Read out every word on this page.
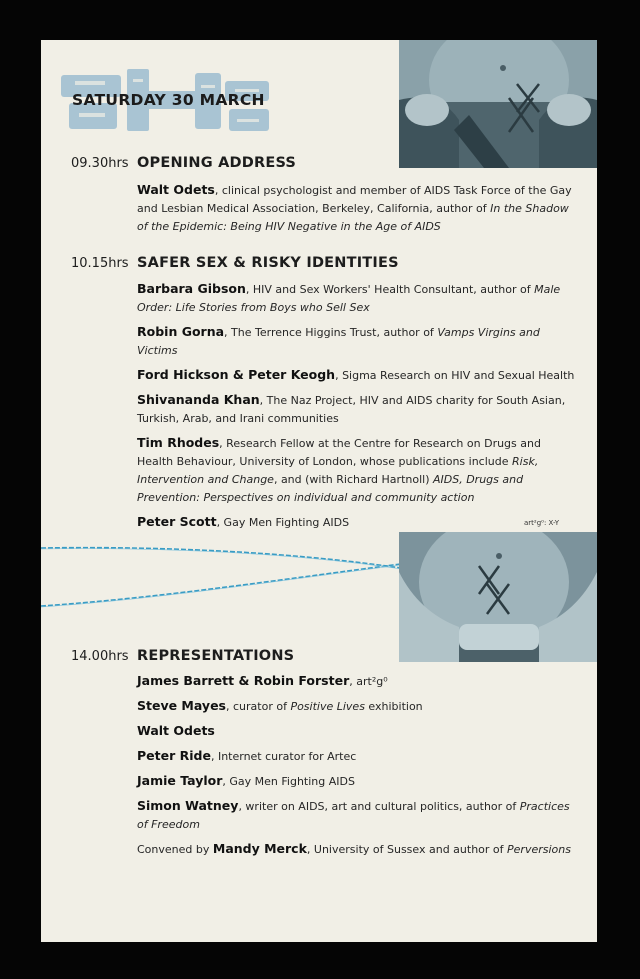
SATURDAY 30 MARCH
09.30hrs OPENING ADDRESS
Walt Odets, clinical psychologist and member of AIDS Task Force of the Gay and Lesbian Medical Association, Berkeley, California, author of In the Shadow of the Epidemic: Being HIV Negative in the Age of AIDS
10.15hrs SAFER SEX & RISKY IDENTITIES
Barbara Gibson, HIV and Sex Workers' Health Consultant, author of Male Order: Life Stories from Boys who Sell Sex
Robin Gorna, The Terrence Higgins Trust, author of Vamps Virgins and Victims
Ford Hickson & Peter Keogh, Sigma Research on HIV and Sexual Health
Shivananda Khan, The Naz Project, HIV and AIDS charity for South Asian, Turkish, Arab, and Irani communities
Tim Rhodes, Research Fellow at the Centre for Research on Drugs and Health Behaviour, University of London, whose publications include Risk, Intervention and Change, and (with Richard Hartnoll) AIDS, Drugs and Prevention: Perspectives on individual and community action
Peter Scott, Gay Men Fighting AIDS	art²g⁰: X-Y
14.00hrs REPRESENTATIONS
James Barrett & Robin Forster, art²g⁰
Steve Mayes, curator of Positive Lives exhibition
Walt Odets
Peter Ride, Internet curator for Artec
Jamie Taylor, Gay Men Fighting AIDS
Simon Watney, writer on AIDS, art and cultural politics, author of Practices of Freedom
Convened by Mandy Merck, University of Sussex and author of Perversions
